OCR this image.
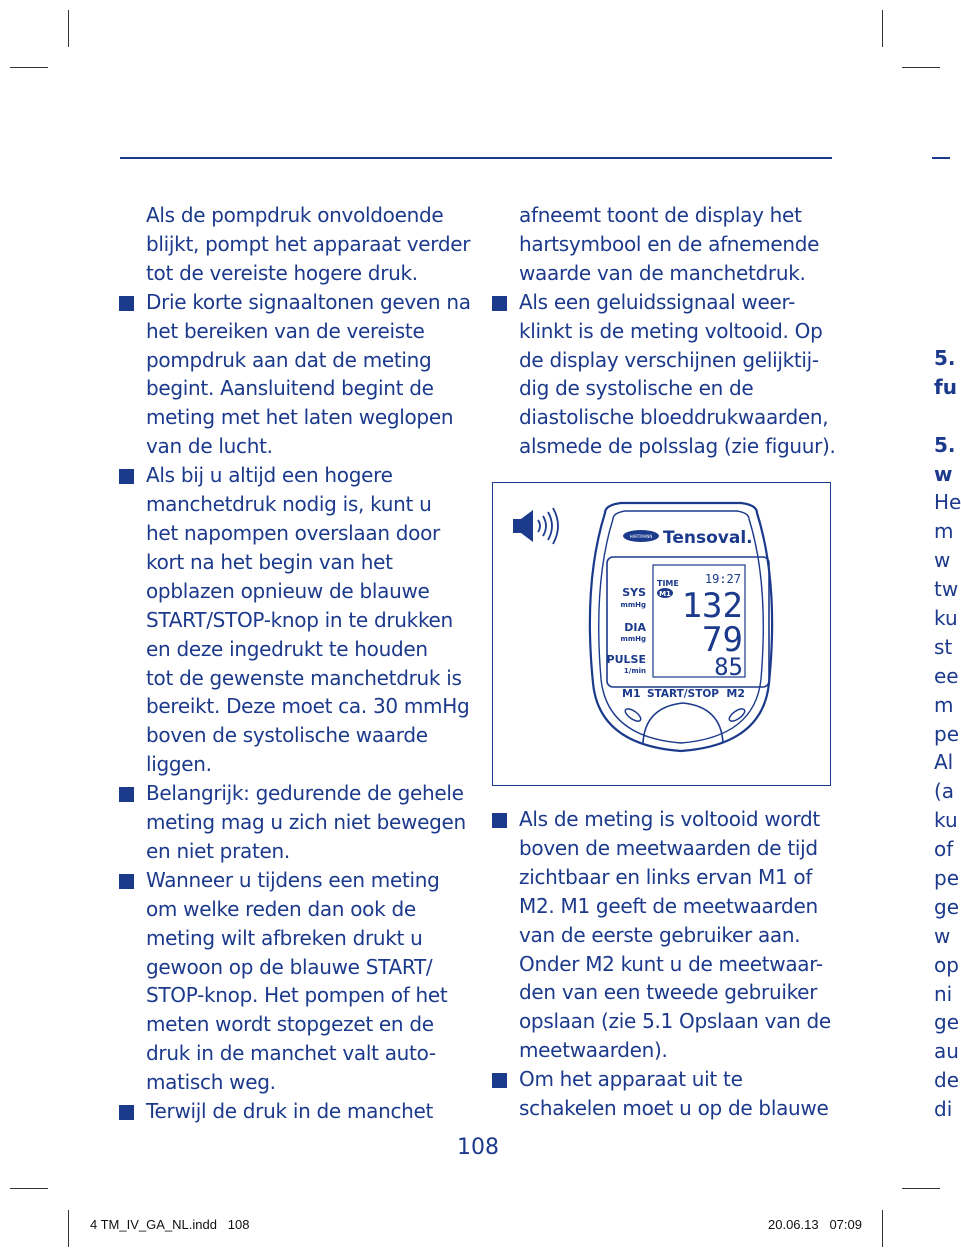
Als de pompdruk onvoldoende
blijkt, pompt het apparaat verder
tot de vereiste hogere druk.
Drie korte signaaltonen geven na
het bereiken van de vereiste
pompdruk aan dat de meting
begint. Aansluitend begint de
meting met het laten weglopen
van de lucht.
Als bij u altijd een hogere
manchetdruk nodig is, kunt u
het napompen overslaan door
kort na het begin van het
opblazen opnieuw de blauwe
START/STOP-knop in te drukken
en deze ingedrukt te houden
tot de gewenste manchetdruk is
bereikt. Deze moet ca. 30 mmHg
boven de systolische waarde
liggen.
Belangrijk: gedurende de gehele
meting mag u zich niet bewegen
en niet praten.
Wanneer u tijdens een meting
om welke reden dan ook de
meting wilt afbreken drukt u
gewoon op de blauwe START/
STOP-knop. Het pompen of het
meten wordt stopgezet en de
druk in de manchet valt auto-
matisch weg.
Terwijl de druk in de manchet
afneemt toont de display het
hartsymbool en de afnemende
waarde van de manchetdruk.
Als een geluidssignaal weer-
klinkt is de meting voltooid. Op
de display verschijnen gelijktij-
dig de systolische en de
diastolische bloeddrukwaarden,
alsmede de polsslag (zie figuur).
Als de meting is voltooid wordt
boven de meetwaarden de tijd
zichtbaar en links ervan M1 of
M2. M1 geeft de meetwaarden
van de eerste gebruiker aan.
Onder M2 kunt u de meetwaar-
den van een tweede gebruiker
opslaan (zie 5.1 Opslaan van de
meetwaarden).
Om het apparaat uit te
schakelen moet u op de blauwe
HARTMANN Tensoval.
SYS
mmHg
DIA
mmHg
PULSE
1/min
TIME
M1
19:27
132
79
85
M1 START/STOP M2
108
4 TM_IV_GA_NL.indd   108	20.06.13   07:09
5.
fu
5.
w
He
m
w
tw
ku
st
ee
m
pe
Al
(a
ku
of
pe
ge
w
op
ni
ge
au
de
di
